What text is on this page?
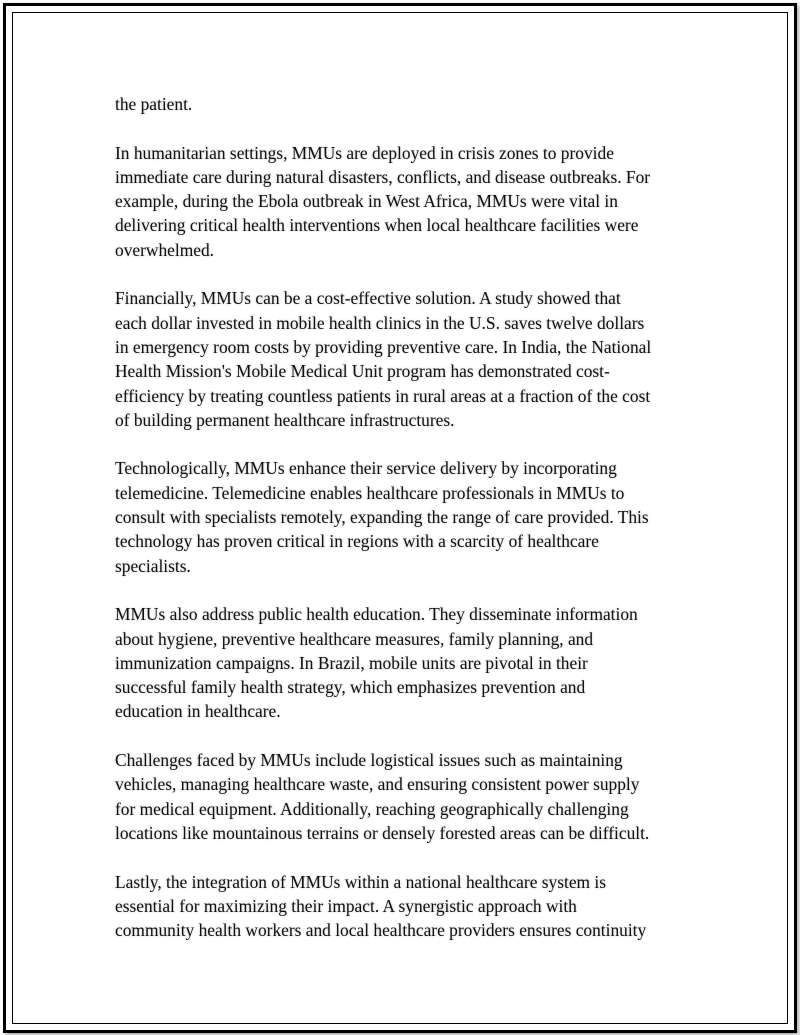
the patient.

In humanitarian settings, MMUs are deployed in crisis zones to provide
immediate care during natural disasters, conflicts, and disease outbreaks. For
example, during the Ebola outbreak in West Africa, MMUs were vital in
delivering critical health interventions when local healthcare facilities were
overwhelmed.

Financially, MMUs can be a cost-effective solution. A study showed that
each dollar invested in mobile health clinics in the U.S. saves twelve dollars
in emergency room costs by providing preventive care. In India, the National
Health Mission's Mobile Medical Unit program has demonstrated cost-
efficiency by treating countless patients in rural areas at a fraction of the cost
of building permanent healthcare infrastructures.

Technologically, MMUs enhance their service delivery by incorporating
telemedicine. Telemedicine enables healthcare professionals in MMUs to
consult with specialists remotely, expanding the range of care provided. This
technology has proven critical in regions with a scarcity of healthcare
specialists.

MMUs also address public health education. They disseminate information
about hygiene, preventive healthcare measures, family planning, and
immunization campaigns. In Brazil, mobile units are pivotal in their
successful family health strategy, which emphasizes prevention and
education in healthcare.

Challenges faced by MMUs include logistical issues such as maintaining
vehicles, managing healthcare waste, and ensuring consistent power supply
for medical equipment. Additionally, reaching geographically challenging
locations like mountainous terrains or densely forested areas can be difficult.

Lastly, the integration of MMUs within a national healthcare system is
essential for maximizing their impact. A synergistic approach with
community health workers and local healthcare providers ensures continuity
